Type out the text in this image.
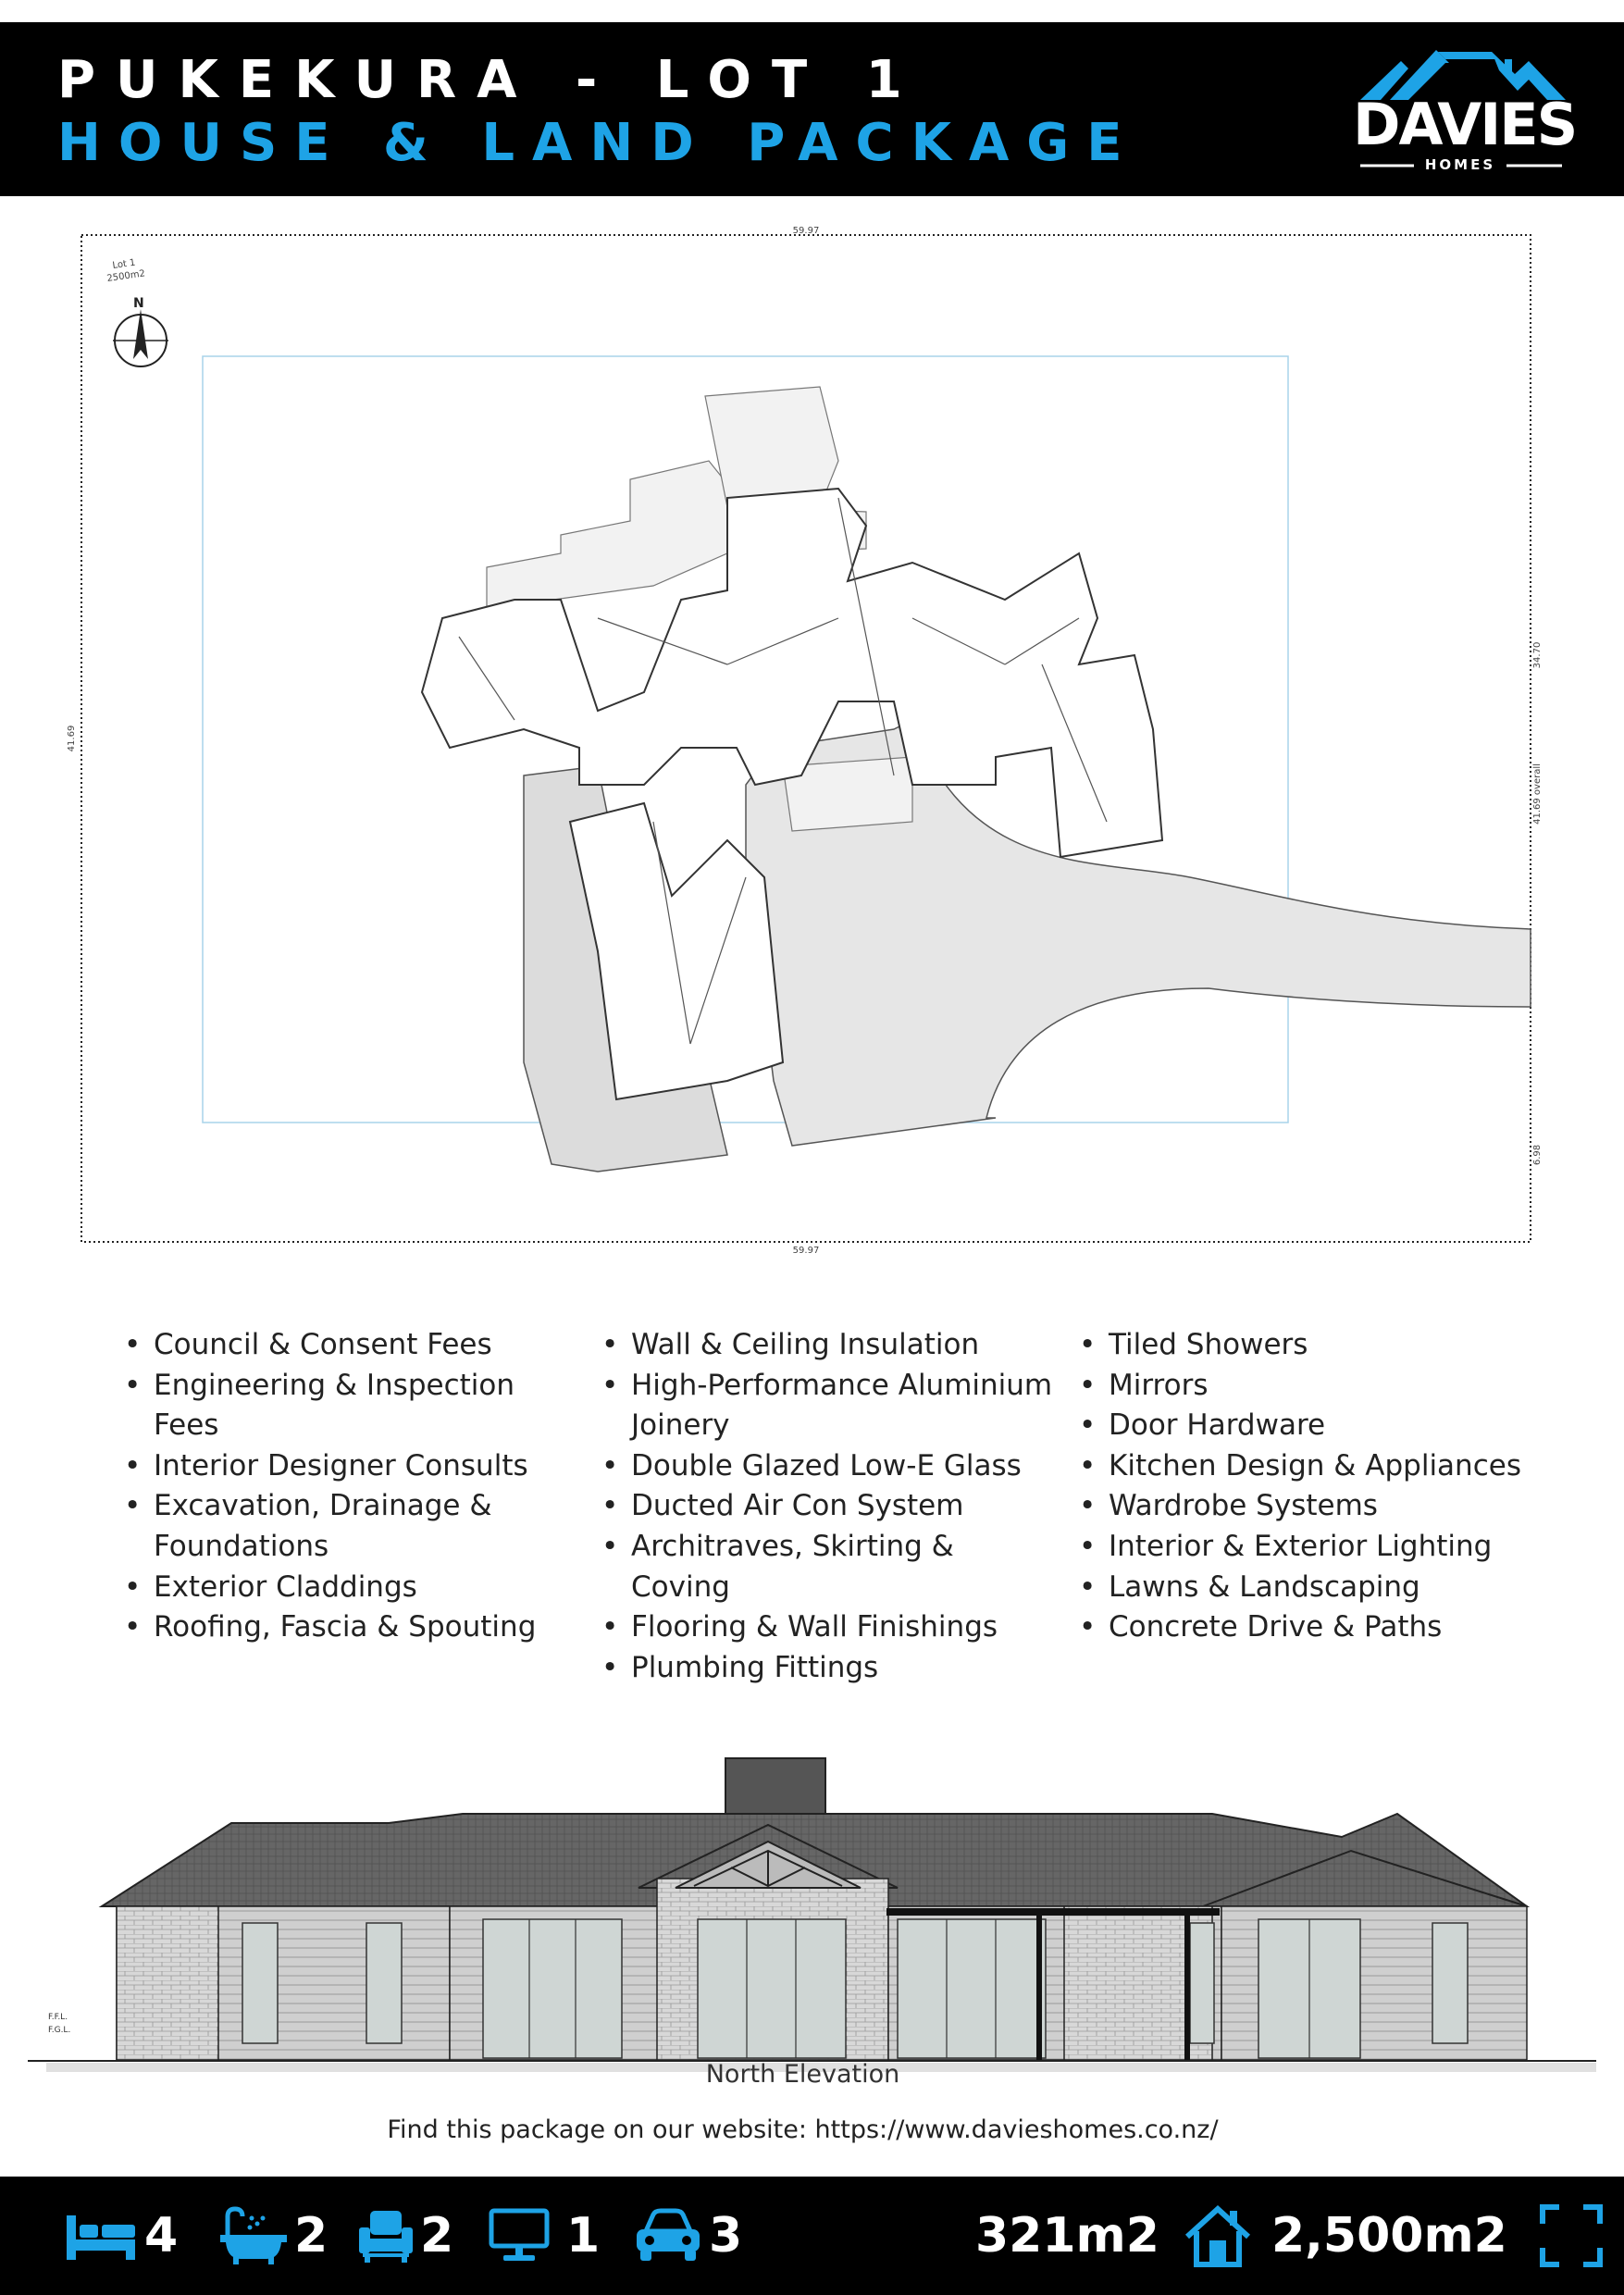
PUKEKURA - LOT 1
HOUSE & LAND PACKAGE	DAVIES
HOMES
59.97
59.97
41.69
34.70
41.69 overall
6.98
Lot 1
2500m2
N
• Council & Consent Fees
• Engineering & Inspection Fees
• Interior Designer Consults
• Excavation, Drainage & Foundations
• Exterior Claddings
• Roofing, Fascia & Spouting
• Wall & Ceiling Insulation
• High-Performance Aluminium Joinery
• Double Glazed Low-E Glass
• Ducted Air Con System
• Architraves, Skirting & Coving
• Flooring & Wall Finishings
• Plumbing Fittings
• Tiled Showers
• Mirrors
• Door Hardware
• Kitchen Design & Appliances
• Wardrobe Systems
• Interior & Exterior Lighting
• Lawns & Landscaping
• Concrete Drive & Paths
F.F.L.
F.G.L.
North Elevation
Find this package on our website: https://www.davieshomes.co.nz/
4 2 2 1 3	321m2 2,500m2
